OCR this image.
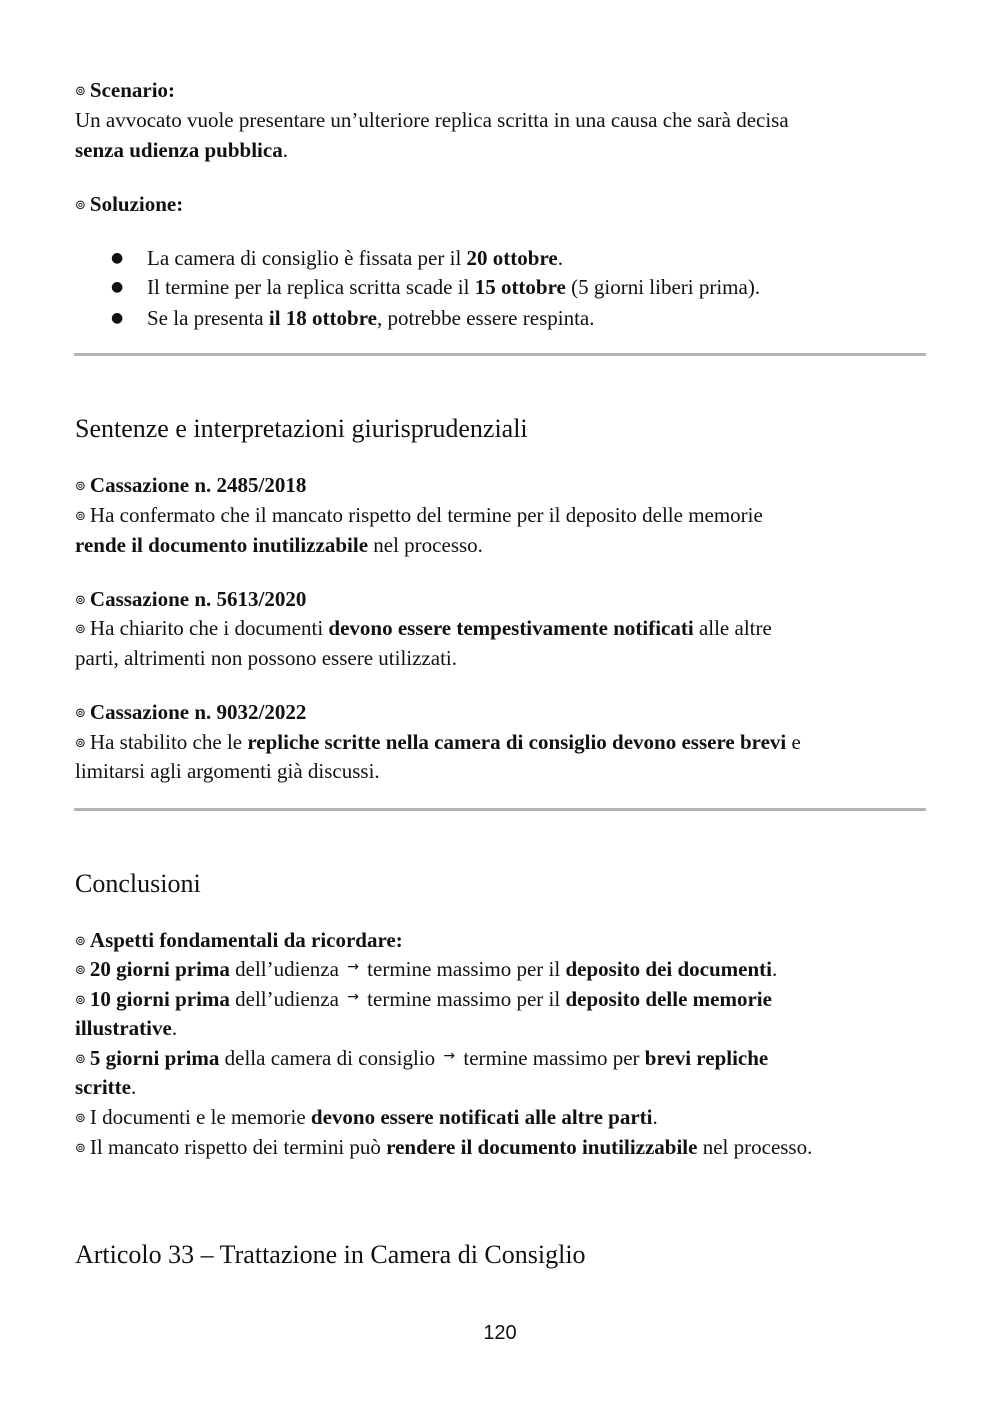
⊚ Scenario:
Un avvocato vuole presentare un’ulteriore replica scritta in una causa che sarà decisa
senza udienza pubblica.
⊚ Soluzione:
● La camera di consiglio è fissata per il 20 ottobre.
● Il termine per la replica scritta scade il 15 ottobre (5 giorni liberi prima).
● Se la presenta il 18 ottobre, potrebbe essere respinta.
Sentenze e interpretazioni giurisprudenziali
⊚ Cassazione n. 2485/2018
⊚ Ha confermato che il mancato rispetto del termine per il deposito delle memorie
rende il documento inutilizzabile nel processo.
⊚ Cassazione n. 5613/2020
⊚ Ha chiarito che i documenti devono essere tempestivamente notificati alle altre
parti, altrimenti non possono essere utilizzati.
⊚ Cassazione n. 9032/2022
⊚ Ha stabilito che le repliche scritte nella camera di consiglio devono essere brevi e
limitarsi agli argomenti già discussi.
Conclusioni
⊚ Aspetti fondamentali da ricordare:
⊚ 20 giorni prima dell’udienza → termine massimo per il deposito dei documenti.
⊚ 10 giorni prima dell’udienza → termine massimo per il deposito delle memorie
illustrative.
⊚ 5 giorni prima della camera di consiglio → termine massimo per brevi repliche
scritte.
⊚ I documenti e le memorie devono essere notificati alle altre parti.
⊚ Il mancato rispetto dei termini può rendere il documento inutilizzabile nel processo.
Articolo 33 – Trattazione in Camera di Consiglio
120
